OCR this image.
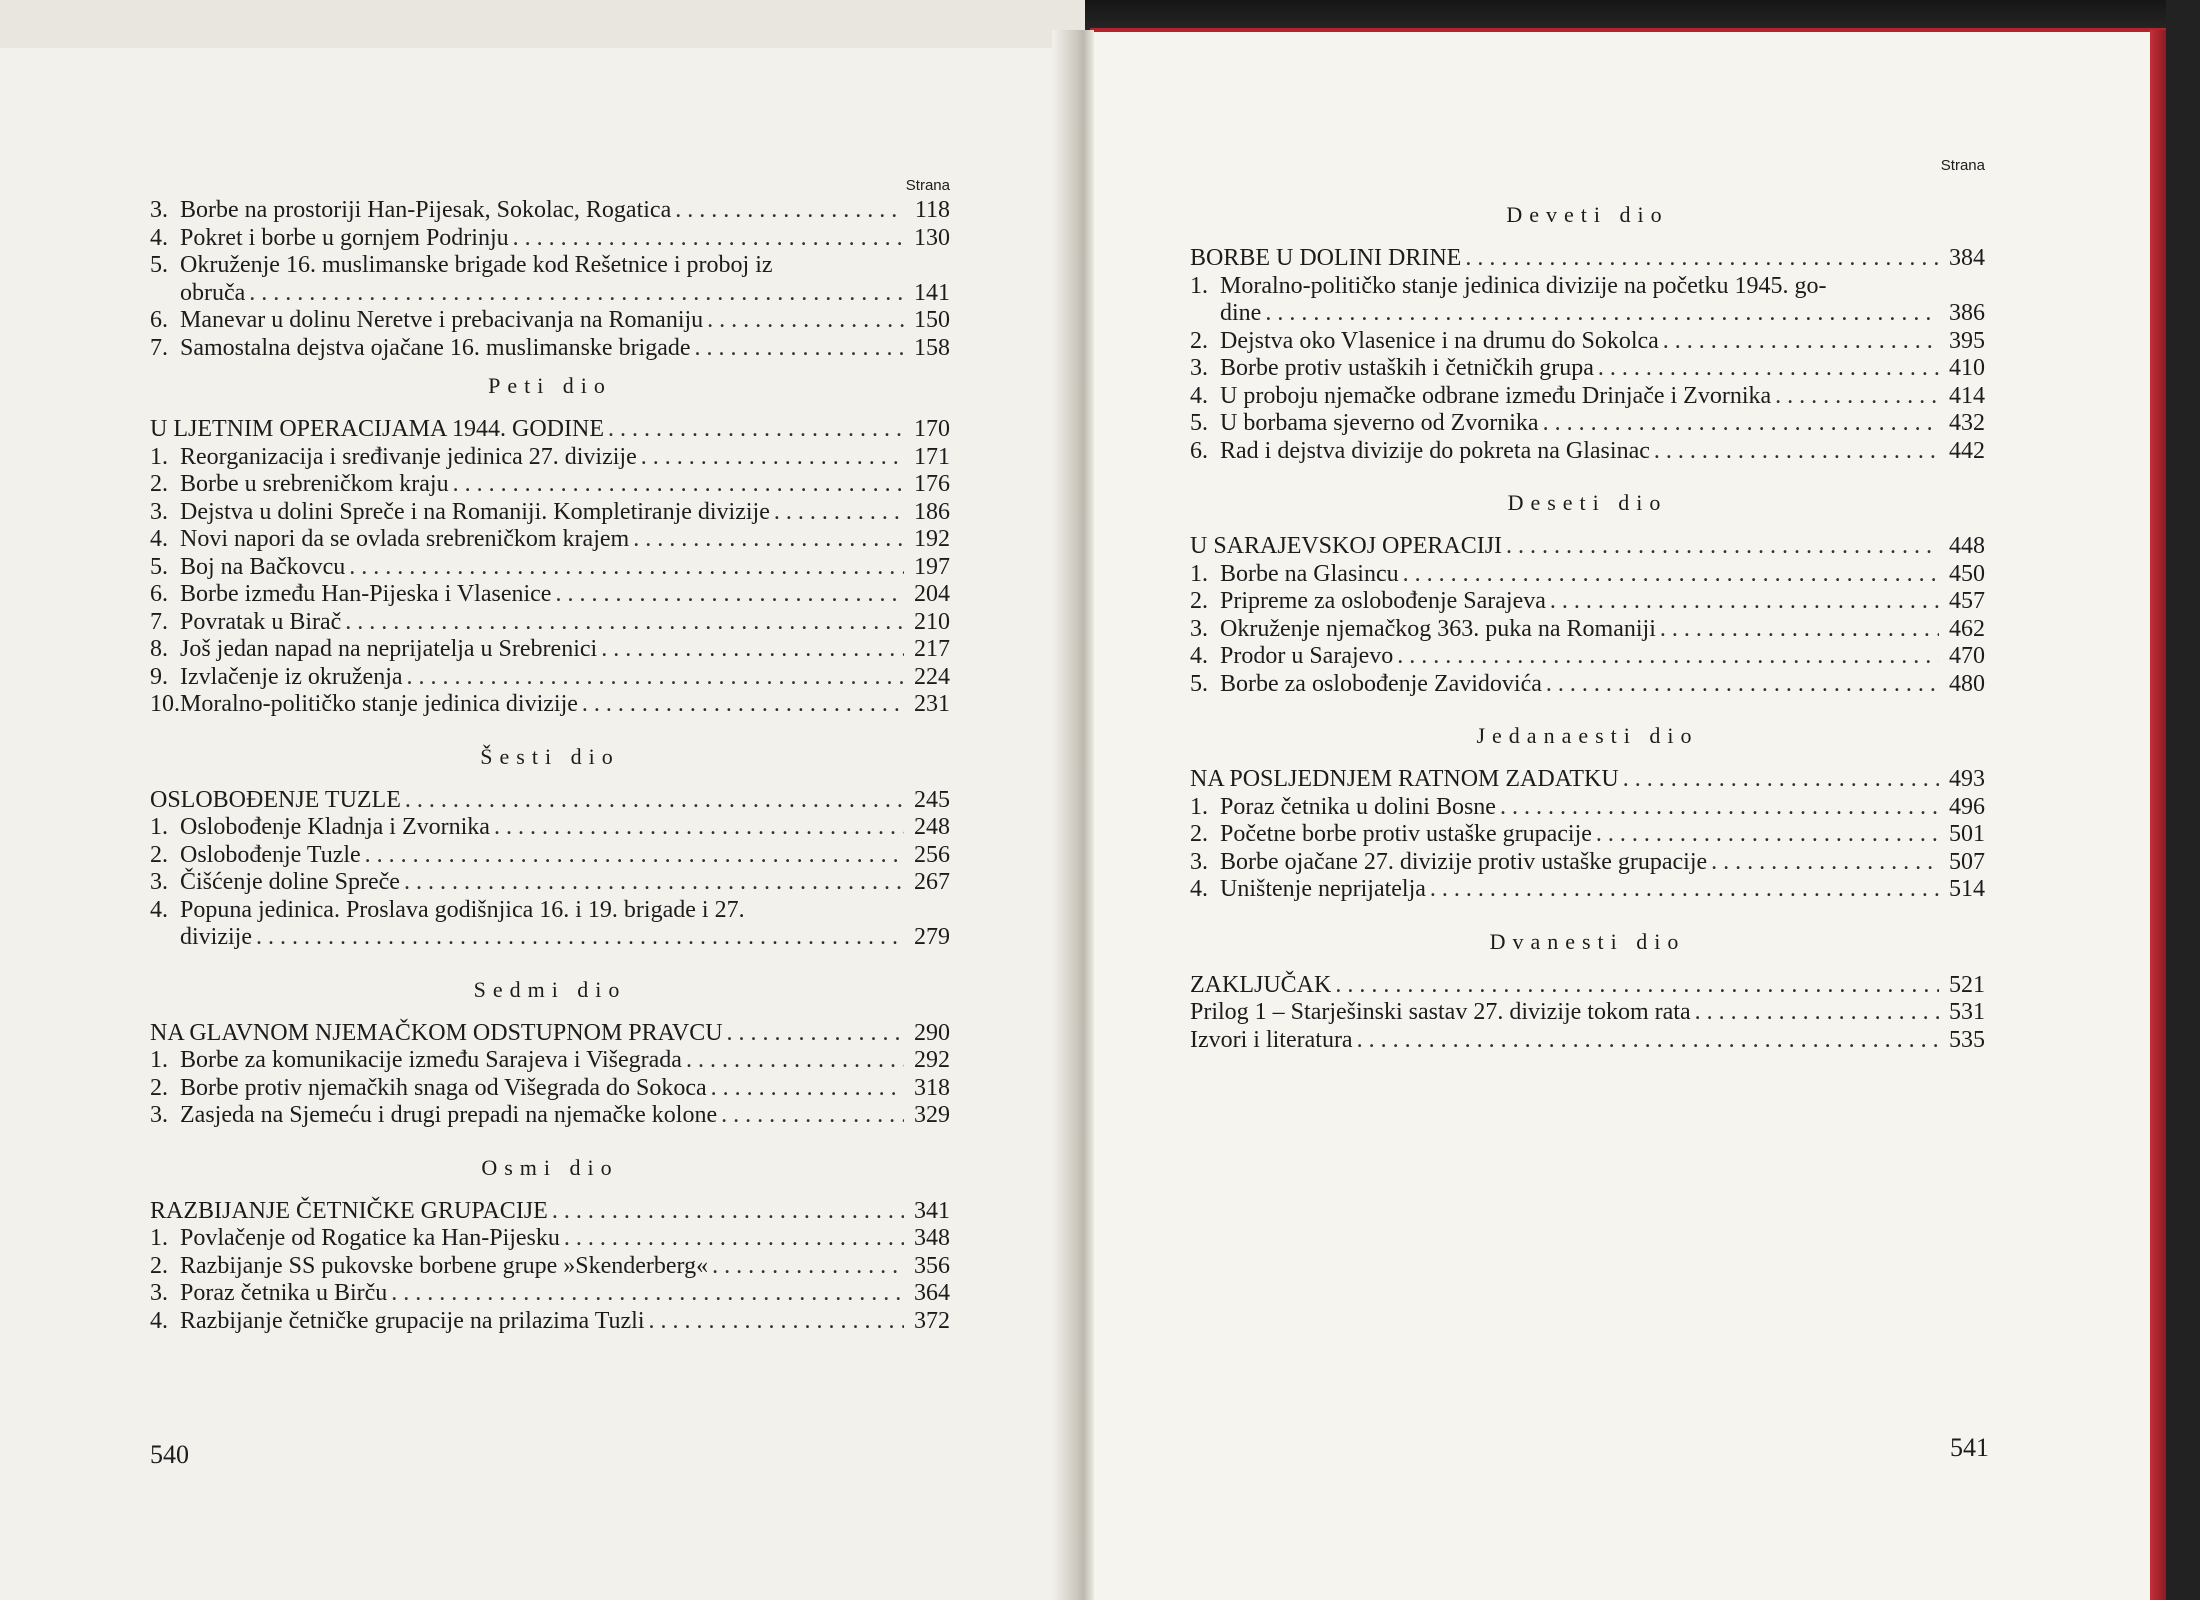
Strana
3. Borbe na prostoriji Han-Pijesak, Sokolac, Rogatica . . .	118
4. Pokret i borbe u gornjem Podrinju . . .	130
5. Okruženje 16. muslimanske brigade kod Rešetnice i proboj iz
obruča . . .	141
6. Manevar u dolinu Neretve i prebacivanja na Romaniju . . .	150
7. Samostalna dejstva ojačane 16. muslimanske brigade . . .	158
Peti dio
U LJETNIM OPERACIJAMA 1944. GODINE . . .	170
1. Reorganizacija i sređivanje jedinica 27. divizije . . .	171
2. Borbe u srebreničkom kraju . . .	176
3. Dejstva u dolini Spreče i na Romaniji. Kompletiranje divizije . . .	186
4. Novi napori da se ovlada srebreničkom krajem . . .	192
5. Boj na Bačkovcu . . .	197
6. Borbe između Han-Pijeska i Vlasenice . . .	204
7. Povratak u Birač . . .	210
8. Još jedan napad na neprijatelja u Srebrenici . . .	217
9. Izvlačenje iz okruženja . . .	224
10. Moralno-političko stanje jedinica divizije . . .	231
Šesti dio
OSLOBOĐENJE TUZLE . . .	245
1. Oslobođenje Kladnja i Zvornika . . .	248
2. Oslobođenje Tuzle . . .	256
3. Čišćenje doline Spreče . . .	267
4. Popuna jedinica. Proslava godišnjica 16. i 19. brigade i 27.
divizije . . .	279
Sedmi dio
NA GLAVNOM NJEMAČKOM ODSTUPNOM PRAVCU . . .	290
1. Borbe za komunikacije između Sarajeva i Višegrada . . .	292
2. Borbe protiv njemačkih snaga od Višegrada do Sokoca . . .	318
3. Zasjeda na Sjemeću i drugi prepadi na njemačke kolone . . .	329
Osmi dio
RAZBIJANJE ČETNIČKE GRUPACIJE . . .	341
1. Povlačenje od Rogatice ka Han-Pijesku . . .	348
2. Razbijanje SS pukovske borbene grupe »Skenderberg« . . .	356
3. Poraz četnika u Birču . . .	364
4. Razbijanje četničke grupacije na prilazima Tuzli . . .	372
Strana
Deveti dio
BORBE U DOLINI DRINE . . .	384
1. Moralno-političko stanje jedinica divizije na početku 1945. go-
dine . . .	386
2. Dejstva oko Vlasenice i na drumu do Sokolca . . .	395
3. Borbe protiv ustaških i četničkih grupa . . .	410
4. U proboju njemačke odbrane između Drinjače i Zvornika . . .	414
5. U borbama sjeverno od Zvornika . . .	432
6. Rad i dejstva divizije do pokreta na Glasinac . . .	442
Deseti dio
U SARAJEVSKOJ OPERACIJI . . .	448
1. Borbe na Glasincu . . .	450
2. Pripreme za oslobođenje Sarajeva . . .	457
3. Okruženje njemačkog 363. puka na Romaniji . . .	462
4. Prodor u Sarajevo . . .	470
5. Borbe za oslobođenje Zavidovića . . .	480
Jedanaesti dio
NA POSLJEDNJEM RATNOM ZADATKU . . .	493
1. Poraz četnika u dolini Bosne . . .	496
2. Početne borbe protiv ustaške grupacije . . .	501
3. Borbe ojačane 27. divizije protiv ustaške grupacije . . .	507
4. Uništenje neprijatelja . . .	514
Dvanesti dio
ZAKLJUČAK . . .	521
Prilog 1 – Starješinski sastav 27. divizije tokom rata . . .	531
Izvori i literatura . . .	535
540	541
